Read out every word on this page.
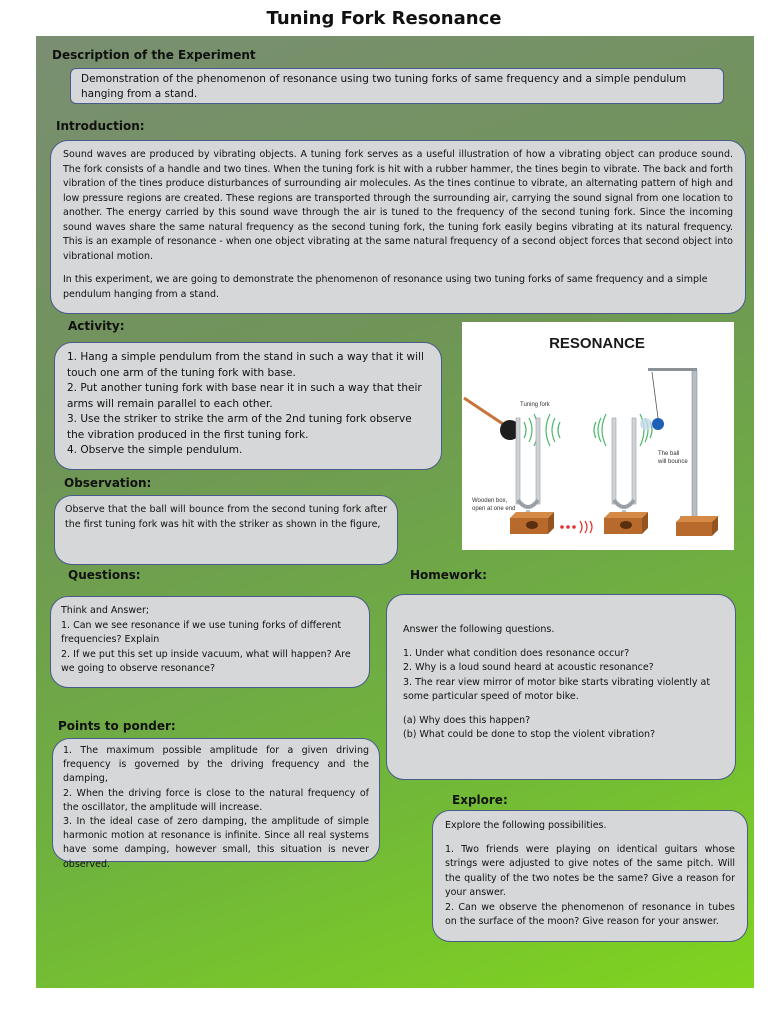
Tuning Fork Resonance
Description of the Experiment

Demonstration of the phenomenon of resonance using two tuning forks of same frequency and a simple pendulum hanging from a stand.

Introduction:

Sound waves are produced by vibrating objects. A tuning fork serves as a useful illustration of how a vibrating object can produce sound. The fork consists of a handle and two tines. When the tuning fork is hit with a rubber hammer, the tines begin to vibrate. The back and forth vibration of the tines produce disturbances of surrounding air molecules. As the tines continue to vibrate, an alternating pattern of high and low pressure regions are created. These regions are transported through the surrounding air, carrying the sound signal from one location to another. The energy carried by this sound wave through the air is tuned to the frequency of the second tuning fork. Since the incoming sound waves share the same natural frequency as the second tuning fork, the tuning fork easily begins vibrating at its natural frequency. This is an example of resonance - when one object vibrating at the same natural frequency of a second object forces that second object into vibrational motion.

In this experiment, we are going to demonstrate the phenomenon of resonance using two tuning forks of same frequency and a simple pendulum hanging from a stand.

Activity:

1. Hang a simple pendulum from the stand in such a way that it will touch one arm of the tuning fork with base.

2. Put another tuning fork with base near it in such a way that their arms will remain parallel to each other.

3. Use the striker to strike the arm of the 2nd tuning fork observe the vibration produced in the first tuning fork.

4. Observe the simple pendulum.

RESONANCE
Tuning fork
Wooden box,
open at one end
The ball
will bounce
Observation:

Observe that the ball will bounce from the second tuning fork after the first tuning fork was hit with the striker as shown in the figure,

Questions:

Think and Answer;

1. Can we see resonance if we use tuning forks of different frequencies? Explain

2. If we put this set up inside vacuum, what will happen? Are we going to observe resonance?

Homework:

Answer the following questions.

1. Under what condition does resonance occur?

2. Why is a loud sound heard at acoustic resonance?

3. The rear view mirror of motor bike starts vibrating violently at some particular speed of motor bike.

(a) Why does this happen?

(b) What could be done to stop the violent vibration?

Points to ponder:

1. The maximum possible amplitude for a given driving frequency is governed by the driving frequency and the damping,

2. When the driving force is close to the natural frequency of the oscillator, the amplitude will increase.

3. In the ideal case of zero damping, the amplitude of simple harmonic motion at resonance is infinite. Since all real systems have some damping, however small, this situation is never observed.

Explore:

Explore the following possibilities.

1. Two friends were playing on identical guitars whose strings were adjusted to give notes of the same pitch. Will the quality of the two notes be the same? Give a reason for your answer.

2. Can we observe the phenomenon of resonance in tubes on the surface of the moon? Give reason for your answer.
